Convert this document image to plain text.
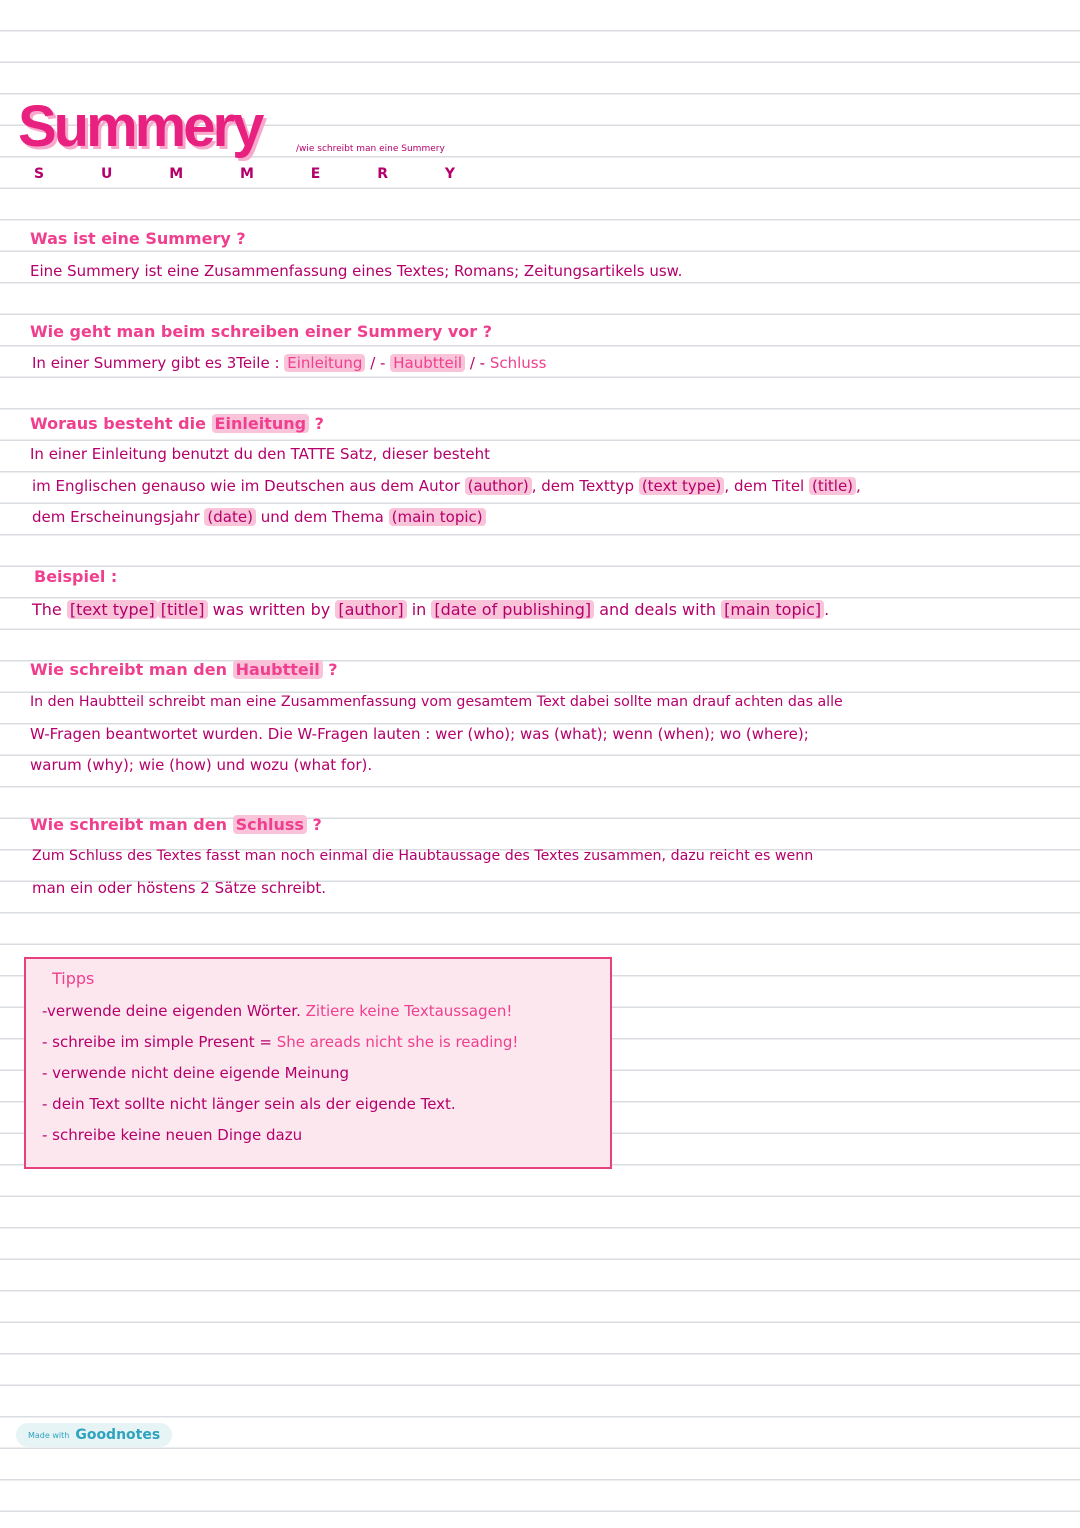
Summery	/wie schreibt man eine Summery
S U M M E R Y
Was ist eine Summery ?
Eine Summery ist eine Zusammenfassung eines Textes; Romans; Zeitungsartikels usw.
Wie geht man beim schreiben einer Summery vor ?
In einer Summery gibt es 3Teile : Einleitung / - Haubtteil / - Schluss
Woraus besteht die Einleitung ?
In einer Einleitung benutzt du den TATTE Satz, dieser besteht
im Englischen genauso wie im Deutschen aus dem Autor (author) , dem Texttyp (text type) , dem Titel (title) ,
dem Erscheinungsjahr (date) und dem Thema (main topic)
Beispiel :
The [text type] [title] was written by [author] in [date of publishing] and deals with [main topic] .
Wie schreibt man den Haubtteil ?
In den Haubtteil schreibt man eine Zusammenfassung vom gesamtem Text dabei sollte man drauf achten das alle
W-Fragen beantwortet wurden. Die W-Fragen lauten : wer (who); was (what); wenn (when); wo (where);
warum (why); wie (how) und wozu (what for).
Wie schreibt man den Schluss ?
Zum Schluss des Textes fasst man noch einmal die Haubtaussage des Textes zusammen, dazu reicht es wenn
man ein oder höstens 2 Sätze schreibt.
Tipps
-verwende deine eigenden Wörter. Zitiere keine Textaussagen!
- schreibe im simple Present = She areads nicht she is reading!
- verwende nicht deine eigende Meinung
- dein Text sollte nicht länger sein als der eigende Text.
- schreibe keine neuen Dinge dazu
Made with Goodnotes
